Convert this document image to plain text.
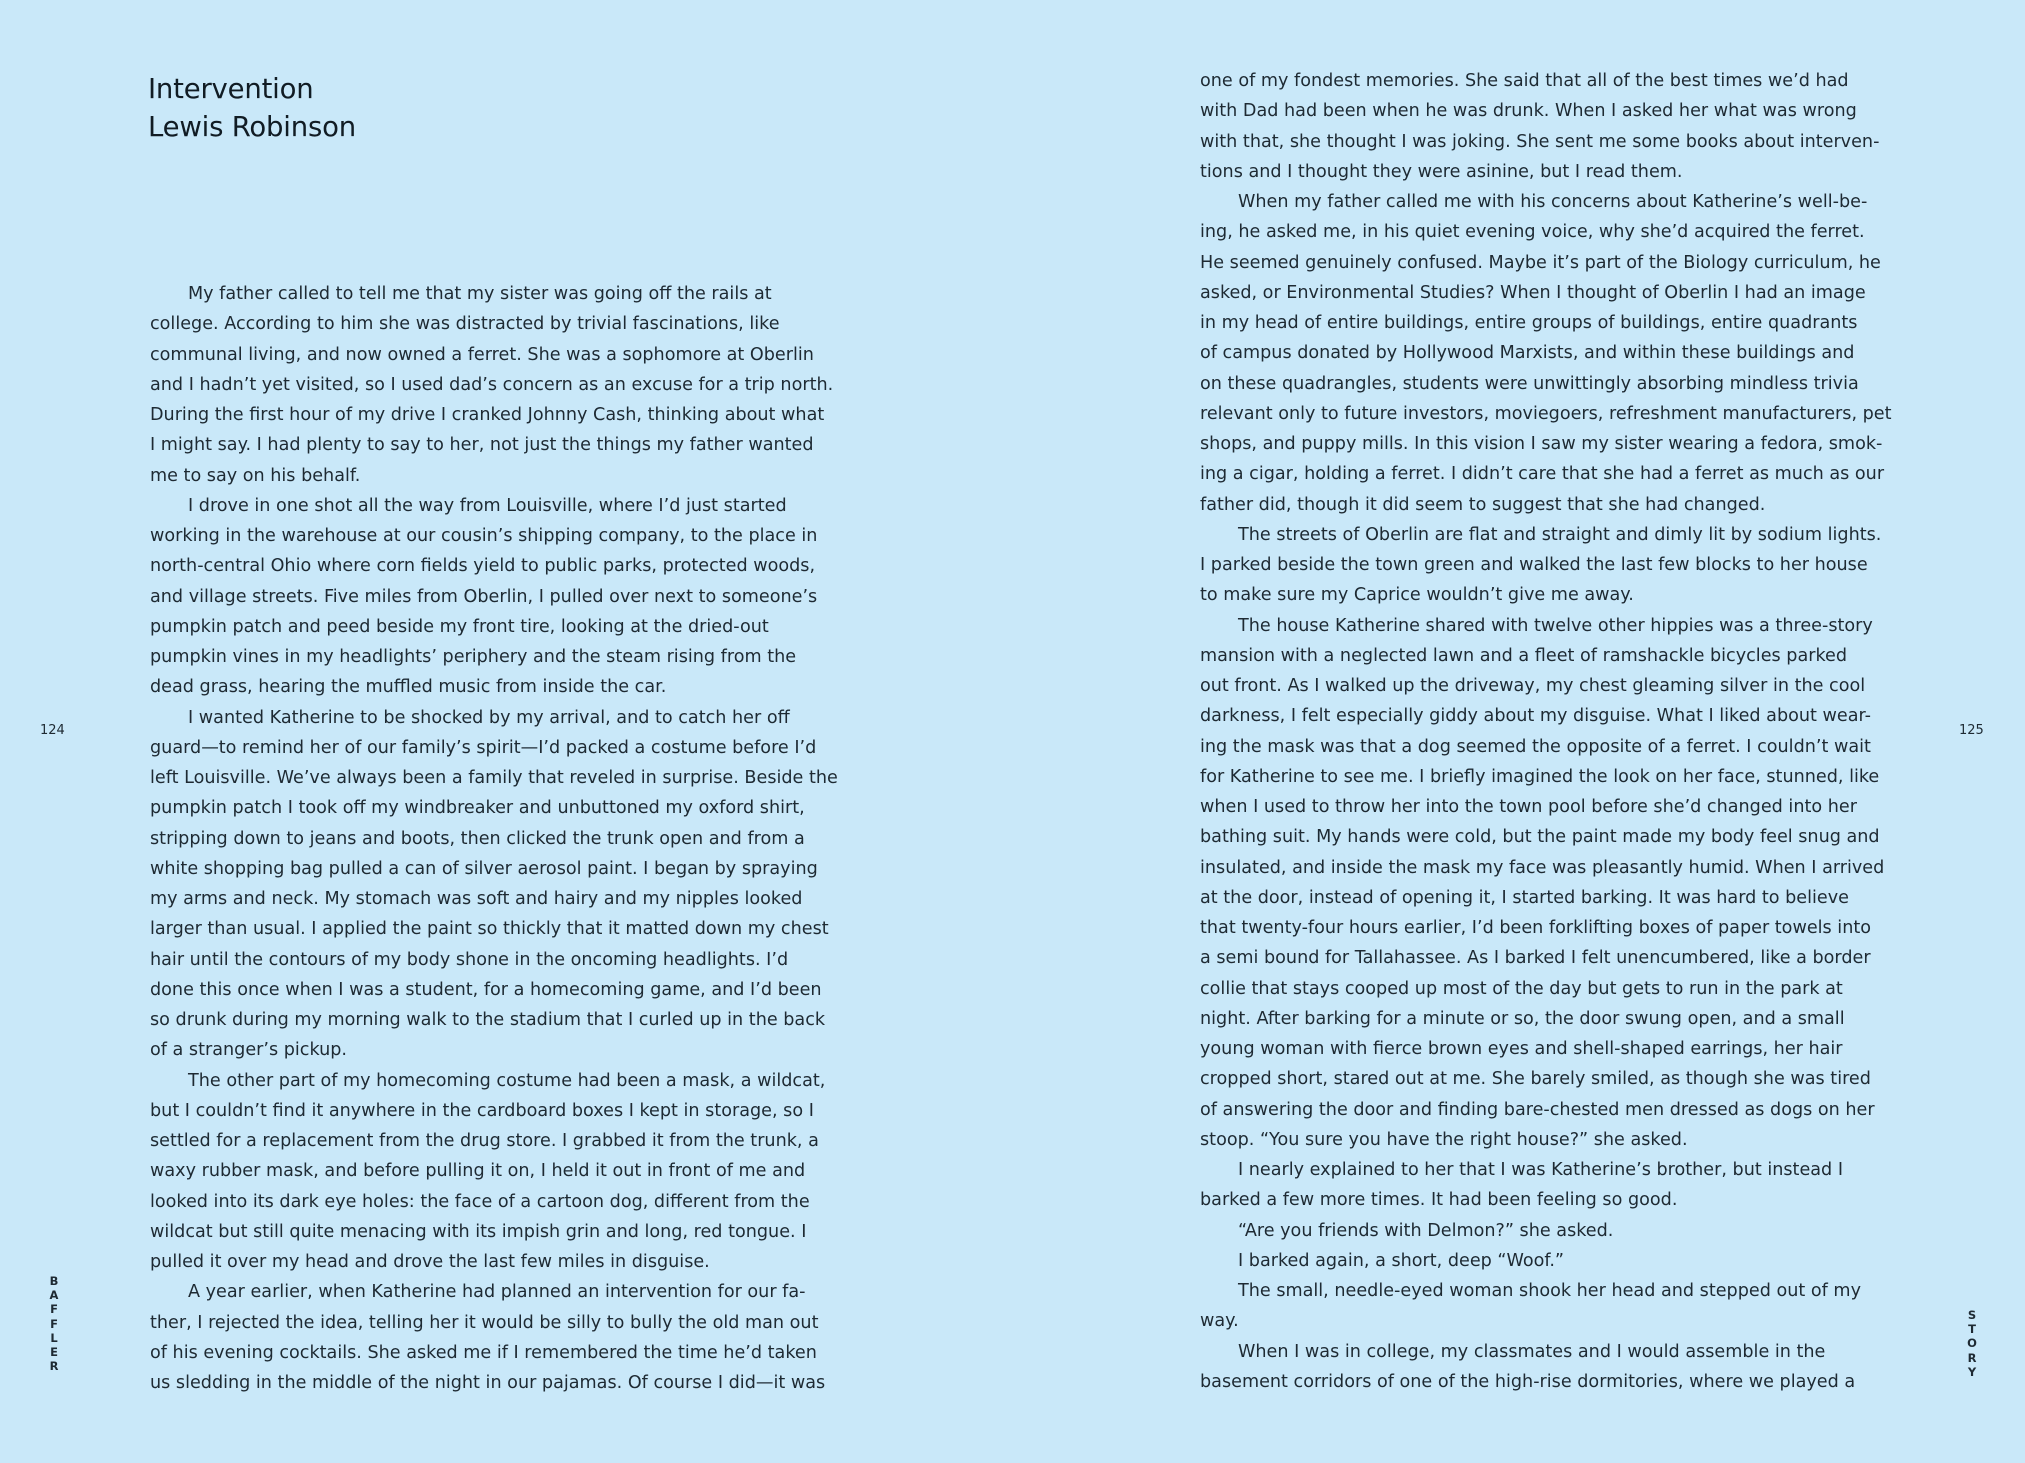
Intervention
Lewis Robinson

My father called to tell me that my sister was going off the rails at

college. According to him she was distracted by trivial fascinations, like

communal living, and now owned a ferret. She was a sophomore at Oberlin

and I hadn’t yet visited, so I used dad’s concern as an excuse for a trip north.

During the first hour of my drive I cranked Johnny Cash, thinking about what

I might say. I had plenty to say to her, not just the things my father wanted

me to say on his behalf.

I drove in one shot all the way from Louisville, where I’d just started

working in the warehouse at our cousin’s shipping company, to the place in

north-central Ohio where corn fields yield to public parks, protected woods,

and village streets. Five miles from Oberlin, I pulled over next to someone’s

pumpkin patch and peed beside my front tire, looking at the dried-out

pumpkin vines in my headlights’ periphery and the steam rising from the

dead grass, hearing the muffled music from inside the car.

I wanted Katherine to be shocked by my arrival, and to catch her off

guard—to remind her of our family’s spirit—I’d packed a costume before I’d

left Louisville. We’ve always been a family that reveled in surprise. Beside the

pumpkin patch I took off my windbreaker and unbuttoned my oxford shirt,

stripping down to jeans and boots, then clicked the trunk open and from a

white shopping bag pulled a can of silver aerosol paint. I began by spraying

my arms and neck. My stomach was soft and hairy and my nipples looked

larger than usual. I applied the paint so thickly that it matted down my chest

hair until the contours of my body shone in the oncoming headlights. I’d

done this once when I was a student, for a homecoming game, and I’d been

so drunk during my morning walk to the stadium that I curled up in the back

of a stranger’s pickup.

The other part of my homecoming costume had been a mask, a wildcat,

but I couldn’t find it anywhere in the cardboard boxes I kept in storage, so I

settled for a replacement from the drug store. I grabbed it from the trunk, a

waxy rubber mask, and before pulling it on, I held it out in front of me and

looked into its dark eye holes: the face of a cartoon dog, different from the

wildcat but still quite menacing with its impish grin and long, red tongue. I

pulled it over my head and drove the last few miles in disguise.

A year earlier, when Katherine had planned an intervention for our fa-

ther, I rejected the idea, telling her it would be silly to bully the old man out

of his evening cocktails. She asked me if I remembered the time he’d taken

us sledding in the middle of the night in our pajamas. Of course I did—it was

one of my fondest memories. She said that all of the best times we’d had

with Dad had been when he was drunk. When I asked her what was wrong

with that, she thought I was joking. She sent me some books about interven-

tions and I thought they were asinine, but I read them.

When my father called me with his concerns about Katherine’s well-be-

ing, he asked me, in his quiet evening voice, why she’d acquired the ferret.

He seemed genuinely confused. Maybe it’s part of the Biology curriculum, he

asked, or Environmental Studies? When I thought of Oberlin I had an image

in my head of entire buildings, entire groups of buildings, entire quadrants

of campus donated by Hollywood Marxists, and within these buildings and

on these quadrangles, students were unwittingly absorbing mindless trivia

relevant only to future investors, moviegoers, refreshment manufacturers, pet

shops, and puppy mills. In this vision I saw my sister wearing a fedora, smok-

ing a cigar, holding a ferret. I didn’t care that she had a ferret as much as our

father did, though it did seem to suggest that she had changed.

The streets of Oberlin are flat and straight and dimly lit by sodium lights.

I parked beside the town green and walked the last few blocks to her house

to make sure my Caprice wouldn’t give me away.

The house Katherine shared with twelve other hippies was a three-story

mansion with a neglected lawn and a fleet of ramshackle bicycles parked

out front. As I walked up the driveway, my chest gleaming silver in the cool

darkness, I felt especially giddy about my disguise. What I liked about wear-

ing the mask was that a dog seemed the opposite of a ferret. I couldn’t wait

for Katherine to see me. I briefly imagined the look on her face, stunned, like

when I used to throw her into the town pool before she’d changed into her

bathing suit. My hands were cold, but the paint made my body feel snug and

insulated, and inside the mask my face was pleasantly humid. When I arrived

at the door, instead of opening it, I started barking. It was hard to believe

that twenty-four hours earlier, I’d been forklifting boxes of paper towels into

a semi bound for Tallahassee. As I barked I felt unencumbered, like a border

collie that stays cooped up most of the day but gets to run in the park at

night. After barking for a minute or so, the door swung open, and a small

young woman with fierce brown eyes and shell-shaped earrings, her hair

cropped short, stared out at me. She barely smiled, as though she was tired

of answering the door and finding bare-chested men dressed as dogs on her

stoop. “You sure you have the right house?” she asked.

I nearly explained to her that I was Katherine’s brother, but instead I

barked a few more times. It had been feeling so good.

“Are you friends with Delmon?” she asked.

I barked again, a short, deep “Woof.”

The small, needle-eyed woman shook her head and stepped out of my

way.

When I was in college, my classmates and I would assemble in the

basement corridors of one of the high-rise dormitories, where we played a

124	125
B
A
F
F
L
E
R
S
T
O
R
Y
